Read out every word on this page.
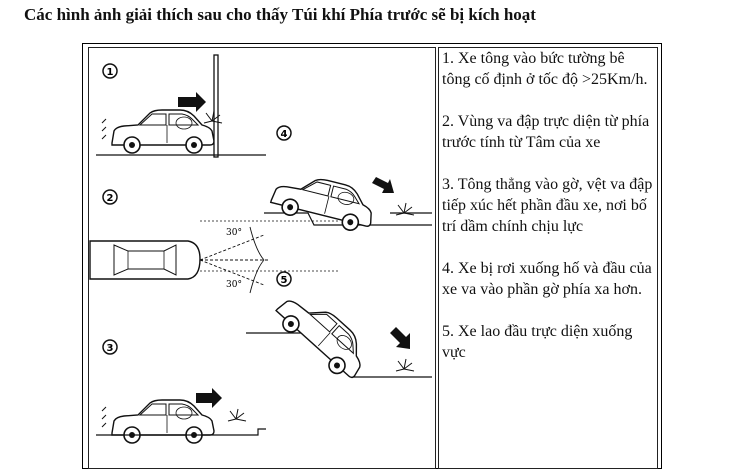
Các hình ảnh giải thích sau cho thấy Túi khí Phía trước sẽ bị kích hoạt
1
4
2
30°
30°	5
3

1. Xe tông vào bức tường bê tông cố định ở tốc độ >25Km/h.

2. Vùng va đập trực diện từ phía trước tính từ Tâm của xe

3. Tông thẳng vào gờ, vệt va đập tiếp xúc hết phần đầu xe, nơi bố trí dầm chính chịu lực

4. Xe bị rơi xuống hố và đầu của xe va vào phần gờ phía xa hơn.

5. Xe lao đầu trực diện xuống vực
